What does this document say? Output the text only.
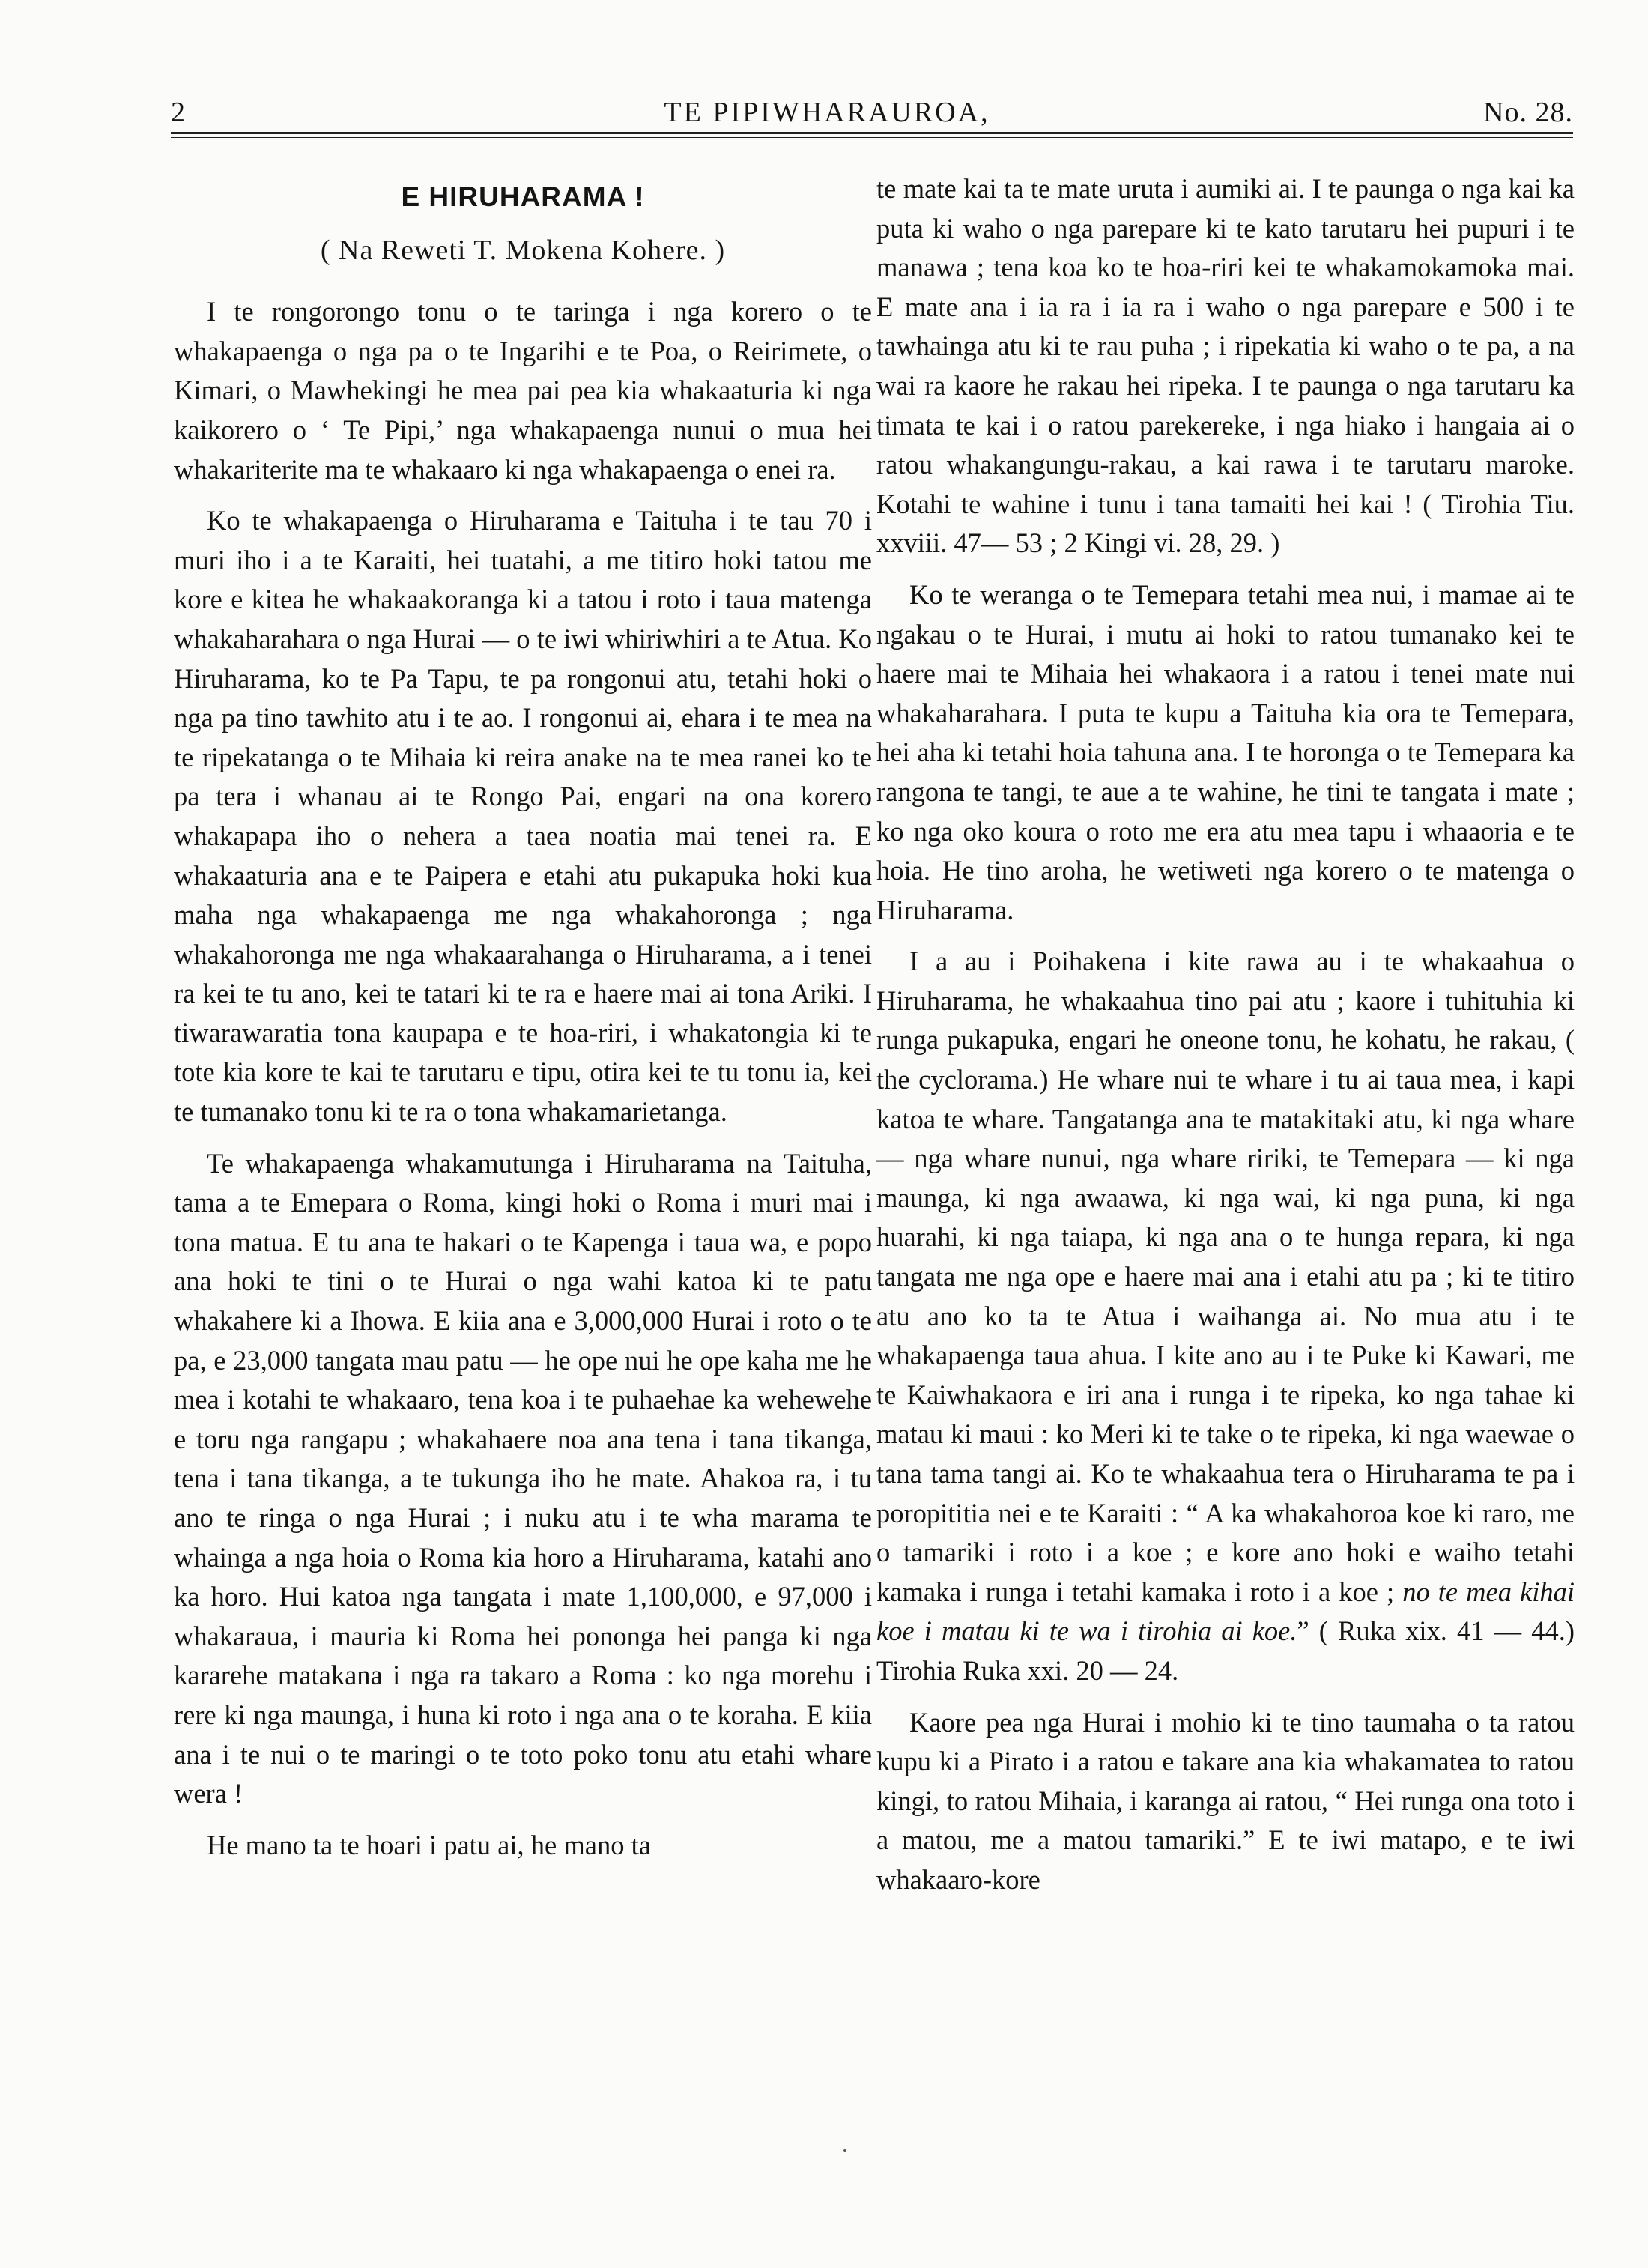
2	TE PIPIWHARAUROA,	No. 28.
E HIRUHARAMA !
( Na Reweti T. Mokena Kohere. )

I te rongorongo tonu o te taringa i nga korero o te whakapaenga o nga pa o te Ingarihi e te Poa, o Reirimete, o Kimari, o Mawhekingi he mea pai pea kia whakaaturia ki nga kaikorero o ‘ Te Pipi,’ nga whakapaenga nunui o mua hei whakariterite ma te whakaaro ki nga whakapaenga o enei ra.

Ko te whakapaenga o Hiruharama e Taituha i te tau 70 i muri iho i a te Karaiti, hei tuatahi, a me titiro hoki tatou me kore e kitea he whakaakoranga ki a tatou i roto i taua matenga whakaharahara o nga Hurai — o te iwi whiriwhiri a te Atua. Ko Hiruharama, ko te Pa Tapu, te pa rongonui atu, tetahi hoki o nga pa tino tawhito atu i te ao. I rongonui ai, ehara i te mea na te ripekatanga o te Mihaia ki reira anake na te mea ranei ko te pa tera i whanau ai te Rongo Pai, engari na ona korero whakapapa iho o nehera a taea noatia mai tenei ra. E whakaaturia ana e te Paipera e etahi atu pukapuka hoki kua maha nga whakapaenga me nga whakahoronga ; nga whakahoronga me nga whakaarahanga o Hiruharama, a i tenei ra kei te tu ano, kei te tatari ki te ra e haere mai ai tona Ariki. I tiwarawaratia tona kaupapa e te hoa-riri, i whakatongia ki te tote kia kore te kai te tarutaru e tipu, otira kei te tu tonu ia, kei te tumanako tonu ki te ra o tona whakamarietanga.

Te whakapaenga whakamutunga i Hiruharama na Taituha, tama a te Emepara o Roma, kingi hoki o Roma i muri mai i tona matua. E tu ana te hakari o te Kapenga i taua wa, e popo ana hoki te tini o te Hurai o nga wahi katoa ki te patu whakahere ki a Ihowa. E kiia ana e 3,000,000 Hurai i roto o te pa, e 23,000 tangata mau patu — he ope nui he ope kaha me he mea i kotahi te whakaaro, tena koa i te puhaehae ka wehewehe e toru nga rangapu ; whakahaere noa ana tena i tana tikanga, tena i tana tikanga, a te tukunga iho he mate. Ahakoa ra, i tu ano te ringa o nga Hurai ; i nuku atu i te wha marama te whainga a nga hoia o Roma kia horo a Hiruharama, katahi ano ka horo. Hui katoa nga tangata i mate 1,100,000, e 97,000 i whakaraua, i mauria ki Roma hei pononga hei panga ki nga kararehe matakana i nga ra takaro a Roma : ko nga morehu i rere ki nga maunga, i huna ki roto i nga ana o te koraha. E kiia ana i te nui o te maringi o te toto poko tonu atu etahi whare wera !

He mano ta te hoari i patu ai, he mano ta

te mate kai ta te mate uruta i aumiki ai. I te paunga o nga kai ka puta ki waho o nga parepare ki te kato tarutaru hei pupuri i te manawa ; tena koa ko te hoa-riri kei te whakamokamoka mai. E mate ana i ia ra i ia ra i waho o nga parepare e 500 i te tawhainga atu ki te rau puha ; i ripekatia ki waho o te pa, a na wai ra kaore he rakau hei ripeka. I te paunga o nga tarutaru ka timata te kai i o ratou parekereke, i nga hiako i hangaia ai o ratou whakangungu-rakau, a kai rawa i te tarutaru maroke. Kotahi te wahine i tunu i tana tamaiti hei kai ! ( Tirohia Tiu. xxviii. 47— 53 ; 2 Kingi vi. 28, 29. )

Ko te weranga o te Temepara tetahi mea nui, i mamae ai te ngakau o te Hurai, i mutu ai hoki to ratou tumanako kei te haere mai te Mihaia hei whakaora i a ratou i tenei mate nui whakaharahara. I puta te kupu a Taituha kia ora te Temepara, hei aha ki tetahi hoia tahuna ana. I te horonga o te Temepara ka rangona te tangi, te aue a te wahine, he tini te tangata i mate ; ko nga oko koura o roto me era atu mea tapu i whaaoria e te hoia. He tino aroha, he wetiweti nga korero o te matenga o Hiruharama.

I a au i Poihakena i kite rawa au i te whakaahua o Hiruharama, he whakaahua tino pai atu ; kaore i tuhituhia ki runga pukapuka, engari he oneone tonu, he kohatu, he rakau, ( the cyclorama.) He whare nui te whare i tu ai taua mea, i kapi katoa te whare. Tangatanga ana te matakitaki atu, ki nga whare — nga whare nunui, nga whare ririki, te Temepara — ki nga maunga, ki nga awaawa, ki nga wai, ki nga puna, ki nga huarahi, ki nga taiapa, ki nga ana o te hunga repara, ki nga tangata me nga ope e haere mai ana i etahi atu pa ; ki te titiro atu ano ko ta te Atua i waihanga ai. No mua atu i te whakapaenga taua ahua. I kite ano au i te Puke ki Kawari, me te Kaiwhakaora e iri ana i runga i te ripeka, ko nga tahae ki matau ki maui : ko Meri ki te take o te ripeka, ki nga waewae o tana tama tangi ai. Ko te whakaahua tera o Hiruharama te pa i poropititia nei e te Karaiti : “ A ka whakahoroa koe ki raro, me o tamariki i roto i a koe ; e kore ano hoki e waiho tetahi kamaka i runga i tetahi kamaka i roto i a koe ; no te mea kihai koe i matau ki te wa i tirohia ai koe.” ( Ruka xix. 41 — 44.) Tirohia Ruka xxi. 20 — 24.

Kaore pea nga Hurai i mohio ki te tino taumaha o ta ratou kupu ki a Pirato i a ratou e takare ana kia whakamatea to ratou kingi, to ratou Mihaia, i karanga ai ratou, “ Hei runga ona toto i a matou, me a matou tamariki.” E te iwi matapo, e te iwi whakaaro-kore
